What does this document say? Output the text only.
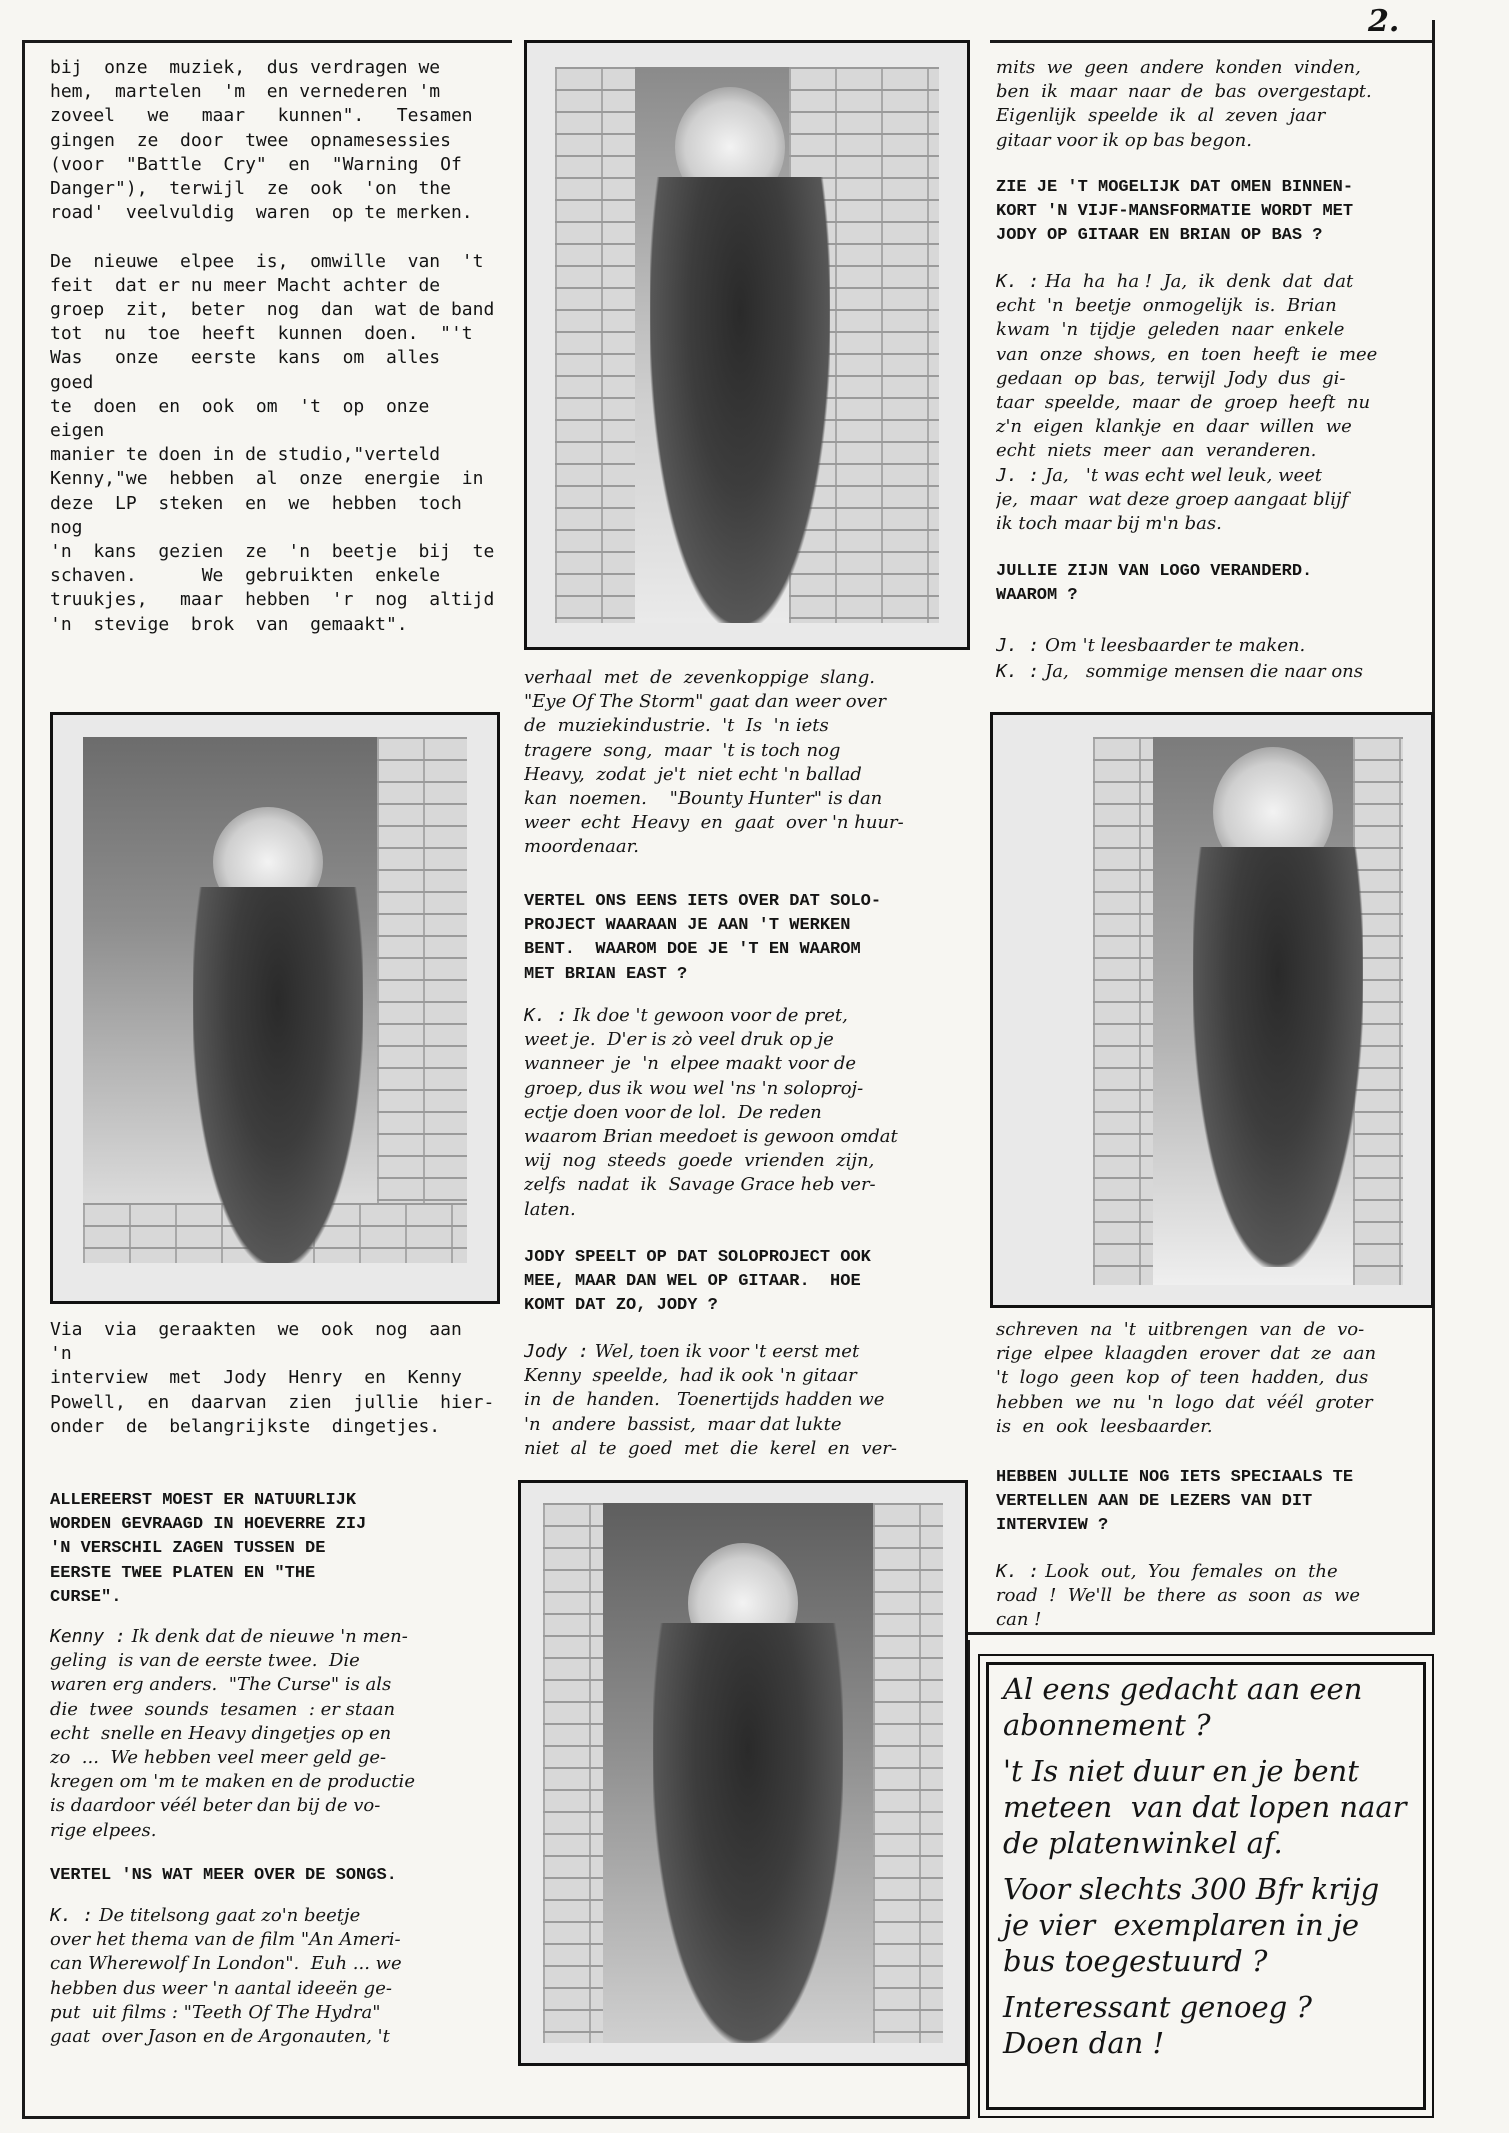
2.
bij  onze  muziek,  dus verdragen we
hem,  martelen  'm  en vernederen 'm
zoveel   we   maar   kunnen".   Tesamen
gingen  ze  door  twee  opnamesessies
(voor  "Battle  Cry"  en  "Warning  Of
Danger"),  terwijl  ze  ook  'on  the
road'  veelvuldig  waren  op te merken.

De  nieuwe  elpee  is,  omwille  van  't
feit  dat er nu meer Macht achter de
groep  zit,  beter  nog  dan  wat de band
tot  nu  toe  heeft  kunnen  doen.  "'t
Was   onze   eerste  kans  om  alles  goed
te  doen  en  ook  om  't  op  onze  eigen
manier te doen in de studio,"verteld
Kenny,"we  hebben  al  onze  energie  in
deze  LP  steken  en  we  hebben  toch  nog
'n  kans  gezien  ze  'n  beetje  bij  te
schaven.      We  gebruikten  enkele
truukjes,   maar  hebben  'r  nog  altijd
'n  stevige  brok  van  gemaakt".
Via  via  geraakten  we  ook  nog  aan  'n
interview  met  Jody  Henry  en  Kenny
Powell,  en  daarvan  zien  jullie  hier-
onder  de  belangrijkste  dingetjes.
ALLEREERST MOEST ER NATUURLIJK
WORDEN GEVRAAGD IN HOEVERRE ZIJ
'N VERSCHIL ZAGEN TUSSEN DE
EERSTE TWEE PLATEN EN "THE
CURSE".
Kenny : Ik denk dat de nieuwe 'n men-
geling  is van de eerste twee.  Die
waren erg anders.  "The Curse" is als
die  twee  sounds  tesamen  : er staan
echt  snelle en Heavy dingetjes op en
zo  ...  We hebben veel meer geld ge-
kregen om 'm te maken en de productie
is daardoor véél beter dan bij de vo-
rige elpees.
VERTEL 'NS WAT MEER OVER DE SONGS.
K. : De titelsong gaat zo'n beetje
over het thema van de film "An Ameri-
can Wherewolf In London".  Euh ... we
hebben dus weer 'n aantal ideeën ge-
put  uit films : "Teeth Of The Hydra"
gaat  over Jason en de Argonauten, 't
verhaal  met  de  zevenkoppige  slang.
"Eye Of The Storm" gaat dan weer over
de  muziekindustrie.  't  Is  'n iets
tragere  song,  maar  't is toch nog
Heavy,  zodat  je't  niet echt 'n ballad
kan  noemen.    "Bounty Hunter" is dan
weer  echt  Heavy  en  gaat  over 'n huur-
moordenaar.
VERTEL ONS EENS IETS OVER DAT SOLO-
PROJECT WAARAAN JE AAN 'T WERKEN
BENT.  WAAROM DOE JE 'T EN WAAROM
MET BRIAN EAST ?
K. : Ik doe 't gewoon voor de pret,
weet je.  D'er is zò veel druk op je
wanneer  je  'n  elpee maakt voor de
groep, dus ik wou wel 'ns 'n soloproj-
ectje doen voor de lol.  De reden
waarom Brian meedoet is gewoon omdat
wij  nog  steeds  goede  vrienden  zijn,
zelfs  nadat  ik  Savage Grace heb ver-
laten.
JODY SPEELT OP DAT SOLOPROJECT OOK
MEE, MAAR DAN WEL OP GITAAR.  HOE
KOMT DAT ZO, JODY ?
Jody : Wel, toen ik voor 't eerst met
Kenny  speelde,  had ik ook 'n gitaar
in  de  handen.   Toenertijds hadden we
'n  andere  bassist,  maar dat lukte
niet  al  te  goed  met  die  kerel  en  ver-
mits  we  geen  andere  konden  vinden,
ben  ik  maar  naar  de  bas  overgestapt.
Eigenlijk  speelde  ik  al  zeven  jaar
gitaar voor ik op bas begon.
ZIE JE 'T MOGELIJK DAT OMEN BINNEN-
KORT 'N VIJF-MANSFORMATIE WORDT MET
JODY OP GITAAR EN BRIAN OP BAS ?
K. : Ha  ha  ha !  Ja,  ik  denk  dat  dat
echt  'n  beetje  onmogelijk  is.  Brian
kwam  'n  tijdje  geleden  naar  enkele
van  onze  shows,  en  toen  heeft  ie  mee
gedaan  op  bas,  terwijl  Jody  dus  gi-
taar  speelde,  maar  de  groep  heeft  nu
z'n  eigen  klankje  en  daar  willen  we
echt  niets  meer  aan  veranderen.
J. : Ja,   't was echt wel leuk, weet
je,  maar  wat deze groep aangaat blijf
ik toch maar bij m'n bas.
JULLIE ZIJN VAN LOGO VERANDERD.
WAAROM ?
J. : Om 't leesbaarder te maken.
K. : Ja,   sommige mensen die naar ons
schreven  na  't  uitbrengen  van  de  vo-
rige  elpee  klaagden  erover  dat  ze  aan
't  logo  geen  kop  of  teen  hadden,  dus
hebben  we  nu  'n  logo  dat  véél  groter
is  en  ook  leesbaarder.
HEBBEN JULLIE NOG IETS SPECIAALS TE
VERTELLEN AAN DE LEZERS VAN DIT
INTERVIEW ?
K. : Look  out,  You  females  on  the
road  !  We'll  be  there  as  soon  as  we
can !

Al eens gedacht aan een
abonnement ?

't Is niet duur en je bent
meteen  van dat lopen naar
de platenwinkel af.

Voor slechts 300 Bfr krijg
je vier  exemplaren in je
bus toegestuurd ?

Interessant genoeg ?
Doen dan !
